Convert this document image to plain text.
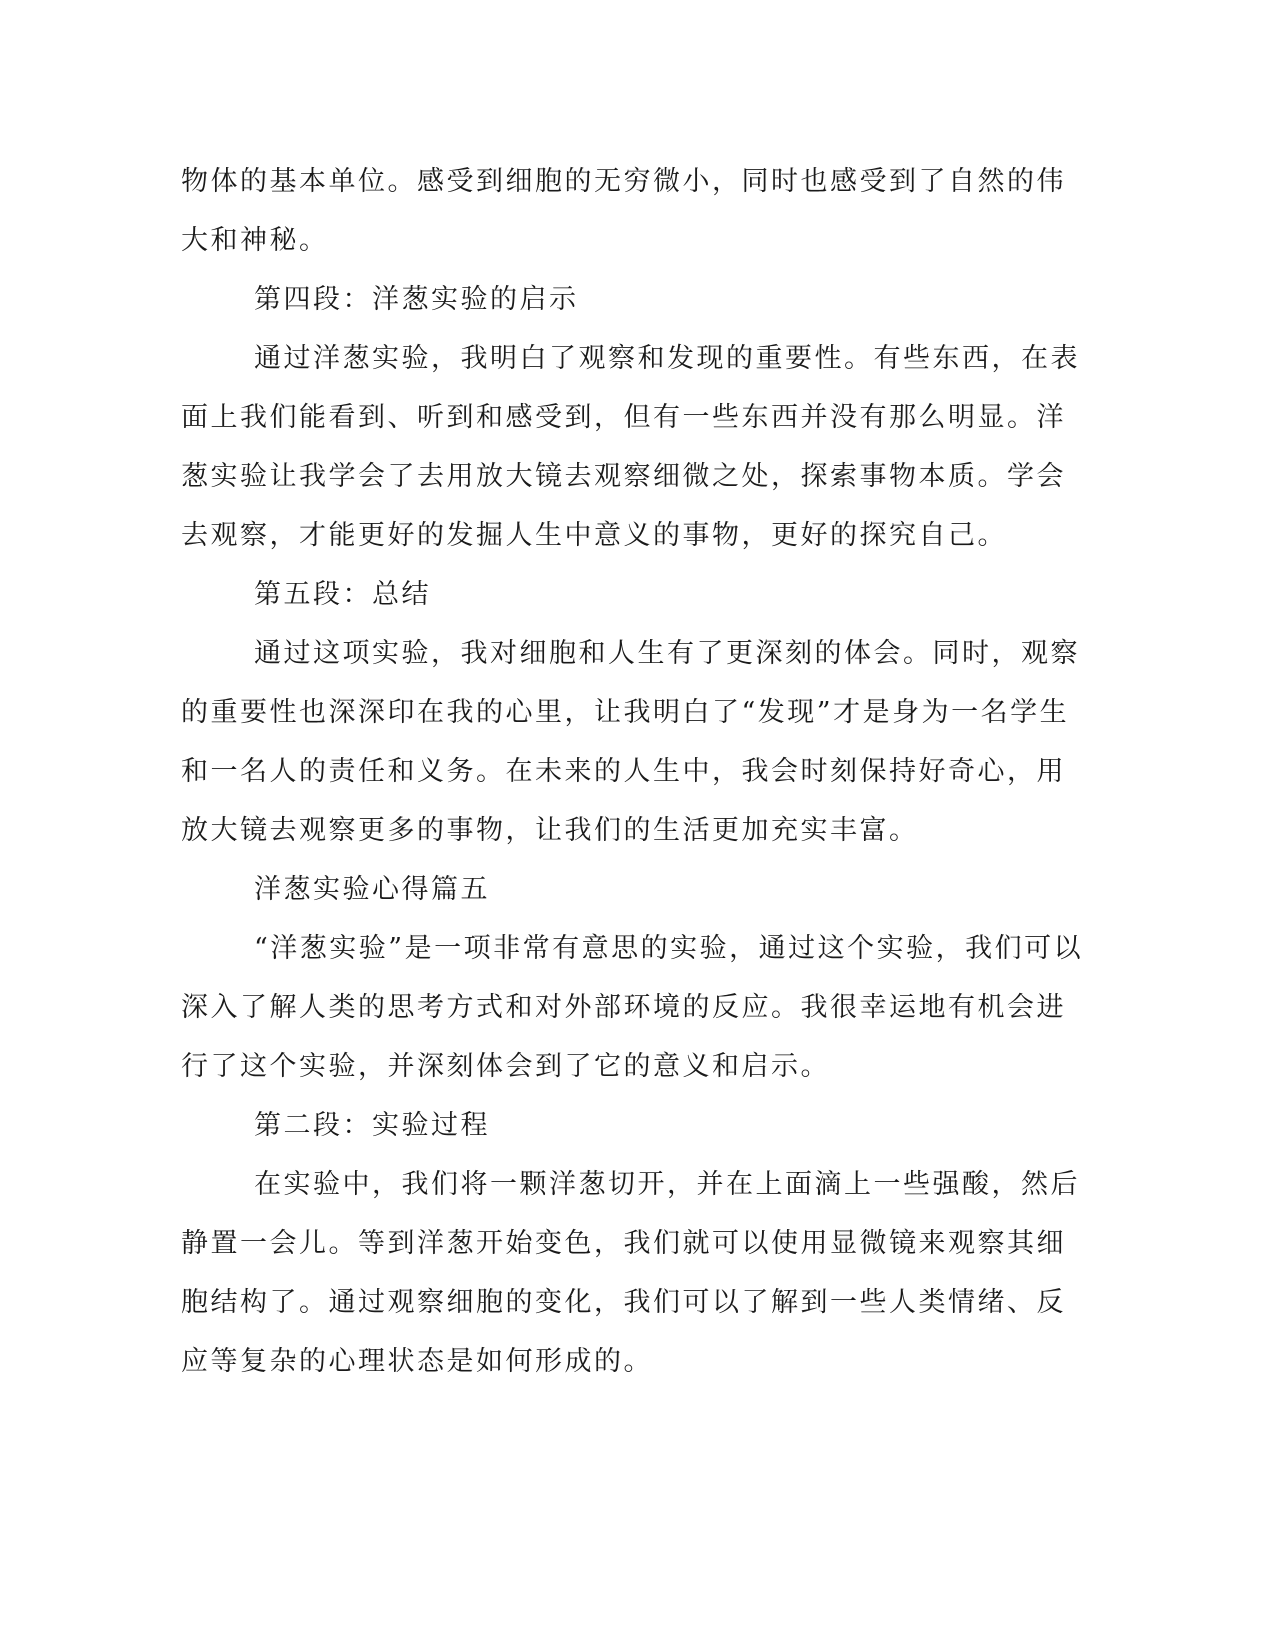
物体的基本单位。感受到细胞的无穷微小，同时也感受到了自然的伟

大和神秘。

第四段：洋葱实验的启示

通过洋葱实验，我明白了观察和发现的重要性。有些东西，在表

面上我们能看到、听到和感受到，但有一些东西并没有那么明显。洋

葱实验让我学会了去用放大镜去观察细微之处，探索事物本质。学会

去观察，才能更好的发掘人生中意义的事物，更好的探究自己。

第五段：总结

通过这项实验，我对细胞和人生有了更深刻的体会。同时，观察

的重要性也深深印在我的心里，让我明白了“发现”才是身为一名学生

和一名人的责任和义务。在未来的人生中，我会时刻保持好奇心，用

放大镜去观察更多的事物，让我们的生活更加充实丰富。

洋葱实验心得篇五

“洋葱实验”是一项非常有意思的实验，通过这个实验，我们可以

深入了解人类的思考方式和对外部环境的反应。我很幸运地有机会进

行了这个实验，并深刻体会到了它的意义和启示。

第二段：实验过程

在实验中，我们将一颗洋葱切开，并在上面滴上一些强酸，然后

静置一会儿。等到洋葱开始变色，我们就可以使用显微镜来观察其细

胞结构了。通过观察细胞的变化，我们可以了解到一些人类情绪、反

应等复杂的心理状态是如何形成的。
